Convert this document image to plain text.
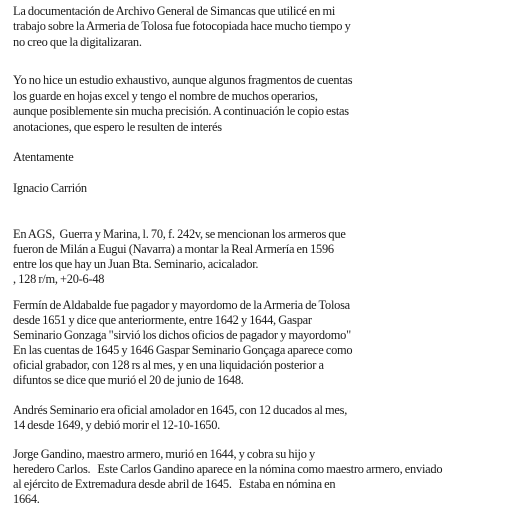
La documentación de Archivo General de Simancas que utilicé en mi
trabajo sobre la Armeria de Tolosa fue fotocopiada hace mucho tiempo y
no creo que la digitalizaran.
Yo no hice un estudio exhaustivo, aunque algunos fragmentos de cuentas
los guarde en hojas excel y tengo el nombre de muchos operarios,
aunque posiblemente sin mucha precisión. A continuación le copio estas
anotaciones, que espero le resulten de interés
Atentamente
Ignacio Carrión
En AGS,  Guerra y Marina, l. 70, f. 242v, se mencionan los armeros que
fueron de Milán a Eugui (Navarra) a montar la Real Armería en 1596
entre los que hay un Juan Bta. Seminario, acicalador.
, 128 r/m, +20-6-48
Fermín de Aldabalde fue pagador y mayordomo de la Armeria de Tolosa
desde 1651 y dice que anteriormente, entre 1642 y 1644, Gaspar
Seminario Gonzaga "sirvió los dichos oficios de pagador y mayordomo"
En las cuentas de 1645 y 1646 Gaspar Seminario Gonçaga aparece como
oficial grabador, con 128 rs al mes, y en una liquidación posterior a
difuntos se dice que murió el 20 de junio de 1648.
Andrés Seminario era oficial amolador en 1645, con 12 ducados al mes,
14 desde 1649, y debió morir el 12-10-1650.
Jorge Gandino, maestro armero, murió en 1644, y cobra su hijo y
heredero Carlos.   Este Carlos Gandino aparece en la nómina como maestro armero, enviado
al ejército de Extremadura desde abril de 1645.   Estaba en nómina en
1664.
